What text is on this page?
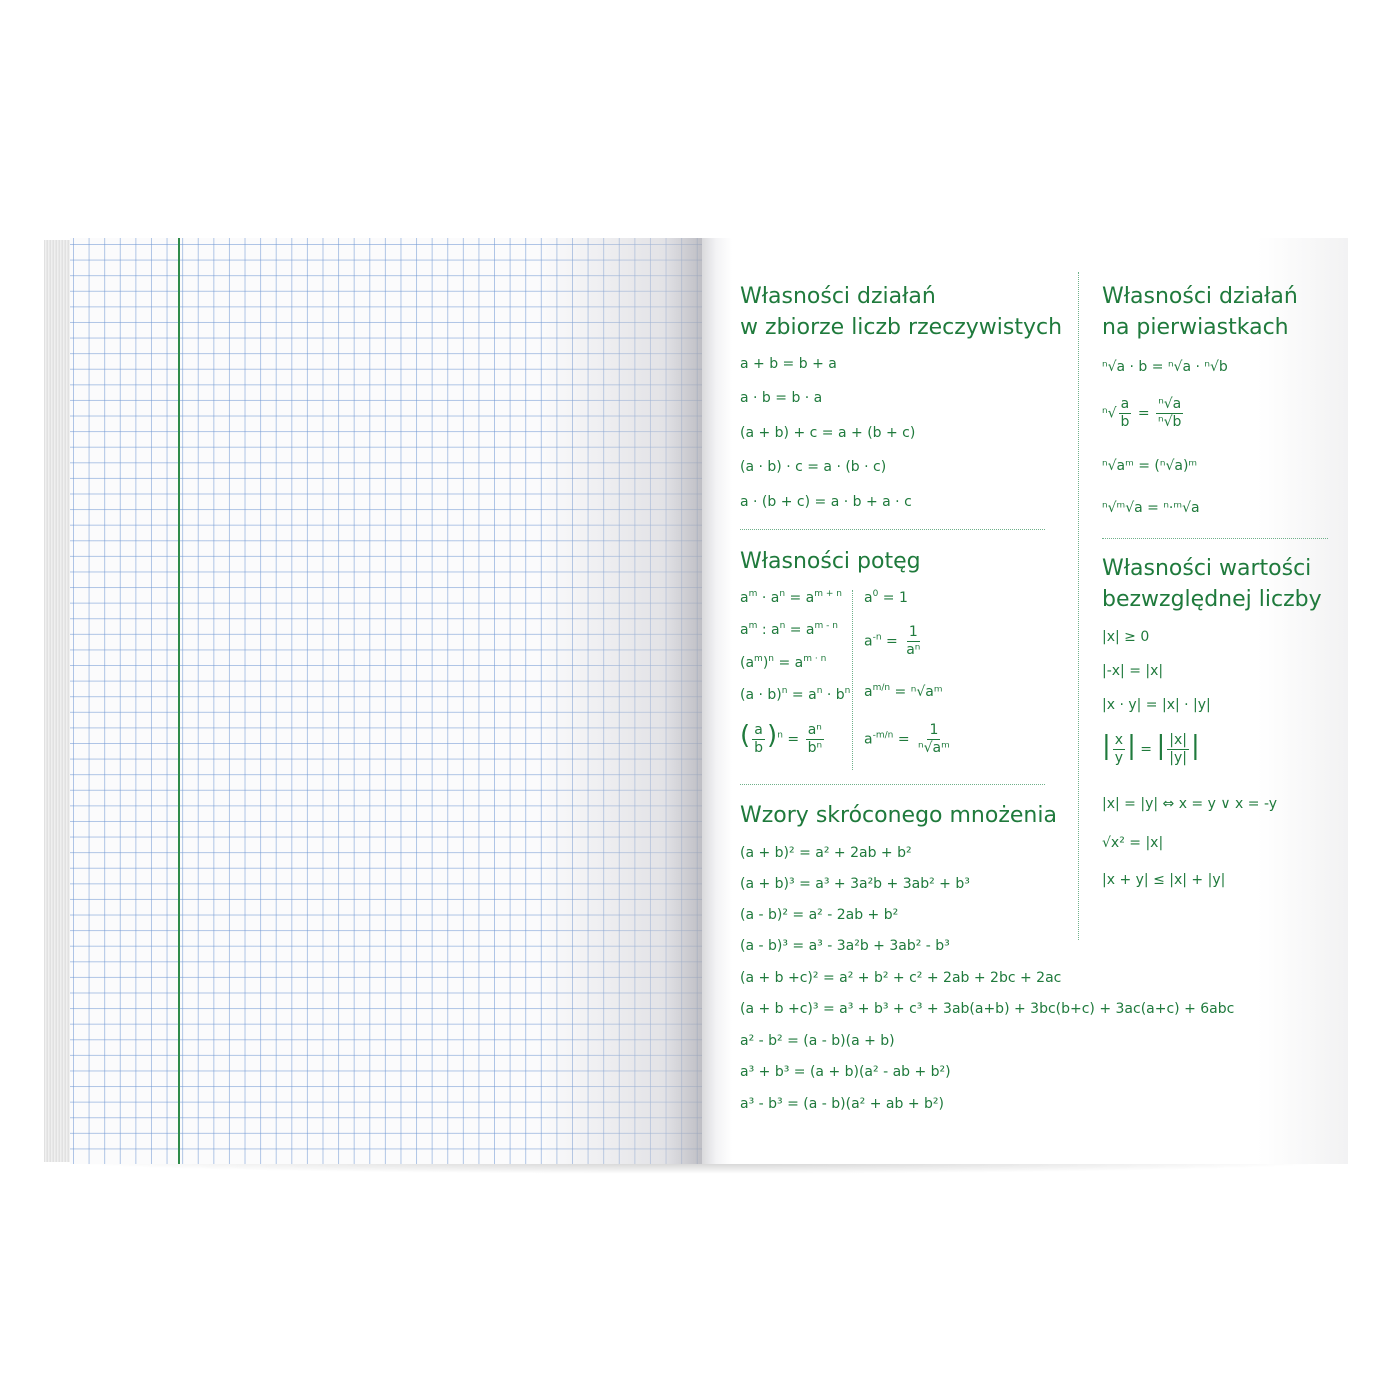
Własności działań
w zbiorze liczb rzeczywistych
a + b = b + a
a · b = b · a
(a + b) + c = a + (b + c)
(a · b) · c = a · (b · c)
a · (b + c) = a · b + a · c
Własności potęg
$a^m \cdot a^n = a^{m + n}$
$a^m$ : $a^n = a^{m - n}$
$(a^m)^n = a^{m \cdot n}$
$(a \cdot b)^n = a^n \cdot b^n$
( $\frac{a}{b} )^n = \frac{\text{aⁿ}}{\text{bⁿ}}$
$a^0 = 1$
$a^{-n} = \frac{1}{\text{aⁿ}}$
$a^{m/n}$ = ⁿ√aᵐ
$a^{-m/n} = \frac{1}{\text{ⁿ√aᵐ}}$
Wzory skróconego mnożenia
(a + b)² = a² + 2ab + b²
(a + b)³ = a³ + 3a²b + 3ab² + b³
(a - b)² = a² - 2ab + b²
(a - b)³ = a³ - 3a²b + 3ab² - b³
(a + b +c)² = a² + b² + c² + 2ab + 2bc + 2ac
(a + b +c)³ = a³ + b³ + c³ + 3ab(a+b) + 3bc(b+c) + 3ac(a+c) + 6abc
a² - b² = (a - b)(a + b)
a³ + b³ = (a + b)(a² - ab + b²)
a³ - b³ = (a - b)(a² + ab + b²)
Własności działań
na pierwiastkach
ⁿ√a · b = ⁿ√a · ⁿ√b
$^n√ \frac{a}{b} = \frac{\text{ⁿ√a}}{\text{ⁿ√b}}$
ⁿ√aᵐ = (ⁿ√a)ᵐ
ⁿ√ᵐ√a = ⁿ·ᵐ√a
Własności wartości
bezwzględnej liczby
|x| ≥ 0
|-x| = |x|
|x · y| = |x| · |y|
| $\frac{x}{y}$ | = | $\frac{|x|}{|y|}$ |
|x| = |y| ⇔ x = y ∨ x = -y
√x² = |x|
|x + y| ≤ |x| + |y|
